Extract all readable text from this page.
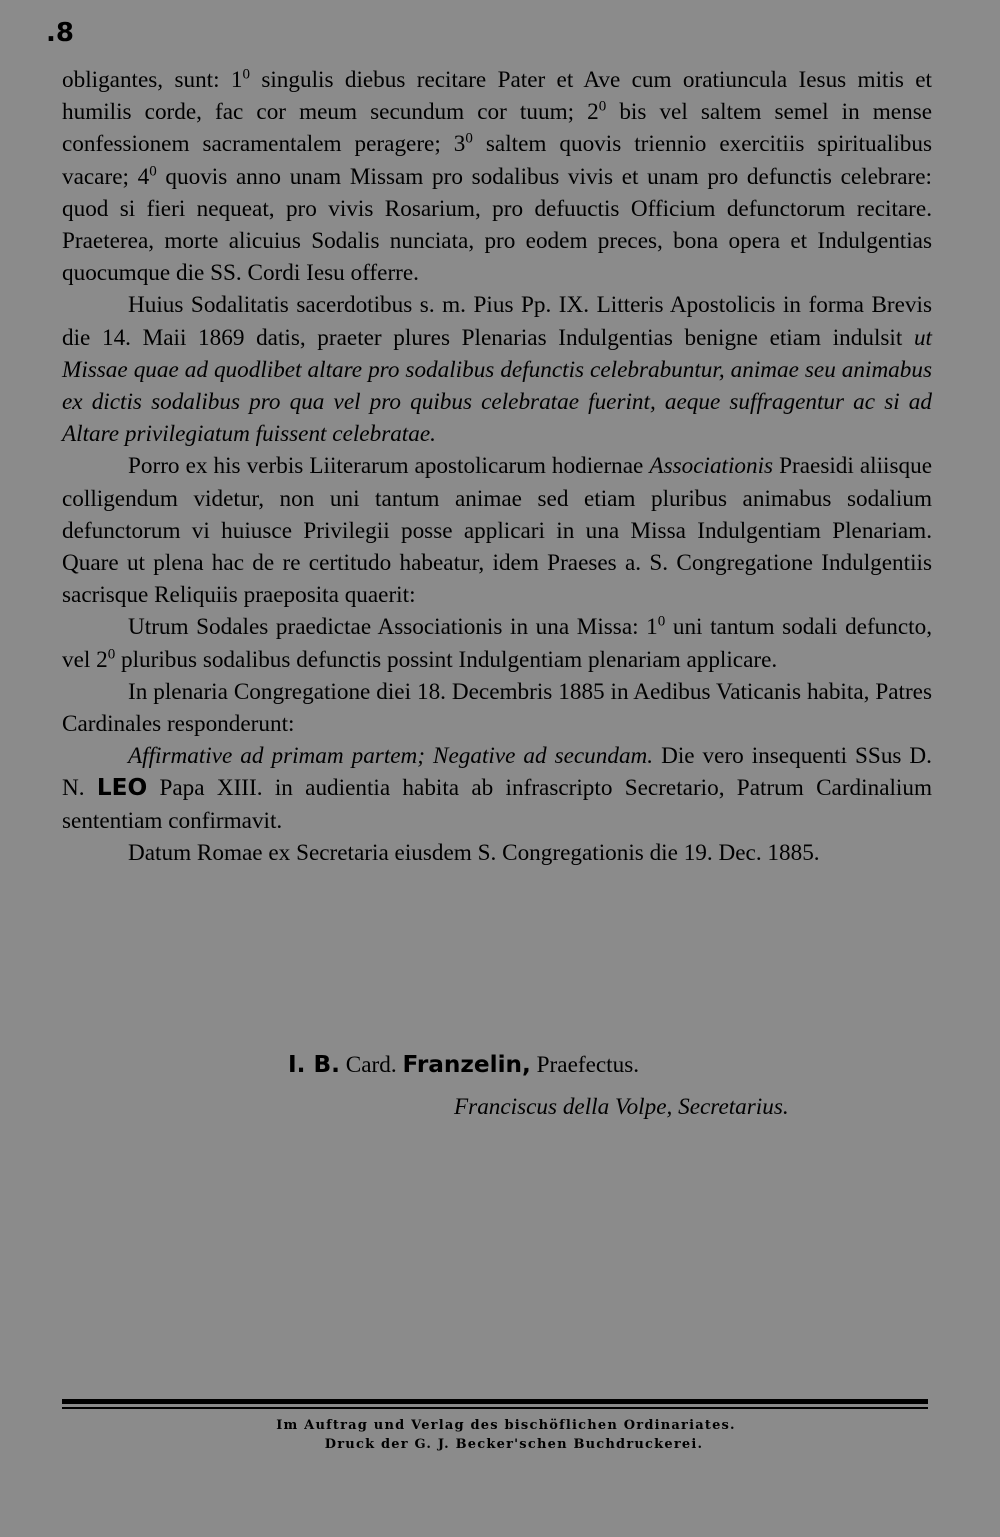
.8

obligantes, sunt: $1^0$ singulis diebus recitare Pater et Ave cum oratiuncula Iesus mitis et humilis corde, fac cor meum secundum cor tuum; $2^0$ bis vel saltem semel in mense confessionem sacramentalem peragere; $3^0$ saltem quovis triennio exercitiis spiritualibus vacare; $4^0$ quovis anno unam Missam pro sodalibus vivis et unam pro defunctis celebrare: quod si fieri nequeat, pro vivis Rosarium, pro defuuctis Officium defunctorum recitare. Praeterea, morte alicuius Sodalis nunciata, pro eodem preces, bona opera et Indulgentias quocumque die SS. Cordi Iesu offerre.

Huius Sodalitatis sacerdotibus s. m. Pius Pp. IX. Litteris Apostolicis in forma Brevis die 14. Maii 1869 datis, praeter plures Plenarias Indulgentias benigne etiam indulsit ut Missae quae ad quodlibet altare pro sodalibus defunctis celebrabuntur, animae seu animabus ex dictis sodalibus pro qua vel pro quibus celebratae fuerint, aeque suffragentur ac si ad Altare privilegiatum fuissent celebratae.

Porro ex his verbis Liiterarum apostolicarum hodiernae Associationis Praesidi aliisque colligendum videtur, non uni tantum animae sed etiam pluribus animabus sodalium defunctorum vi huiusce Privilegii posse applicari in una Missa Indulgentiam Plenariam. Quare ut plena hac de re certitudo habeatur, idem Praeses a. S. Congregatione Indulgentiis sacrisque Reliquiis praeposita quaerit:

Utrum Sodales praedictae Associationis in una Missa: $1^0$ uni tantum sodali defuncto, vel $2^0$ pluribus sodalibus defunctis possint Indulgentiam plenariam applicare.

In plenaria Congregatione diei 18. Decembris 1885 in Aedibus Vaticanis habita, Patres Cardinales responderunt:

Affirmative ad primam partem; Negative ad secundam. Die vero insequenti SSus D. N. LEO Papa XIII. in audientia habita ab infrascripto Secretario, Patrum Cardinalium sententiam confirmavit.

Datum Romae ex Secretaria eiusdem S. Congregationis die 19. Dec. 1885.

I. B. Card. Franzelin, Praefectus.
Franciscus della Volpe, Secretarius.
Im Auftrag und Verlag des bischöflichen Ordinariates.
Druck der G. J. Becker'schen Buchdruckerei.
